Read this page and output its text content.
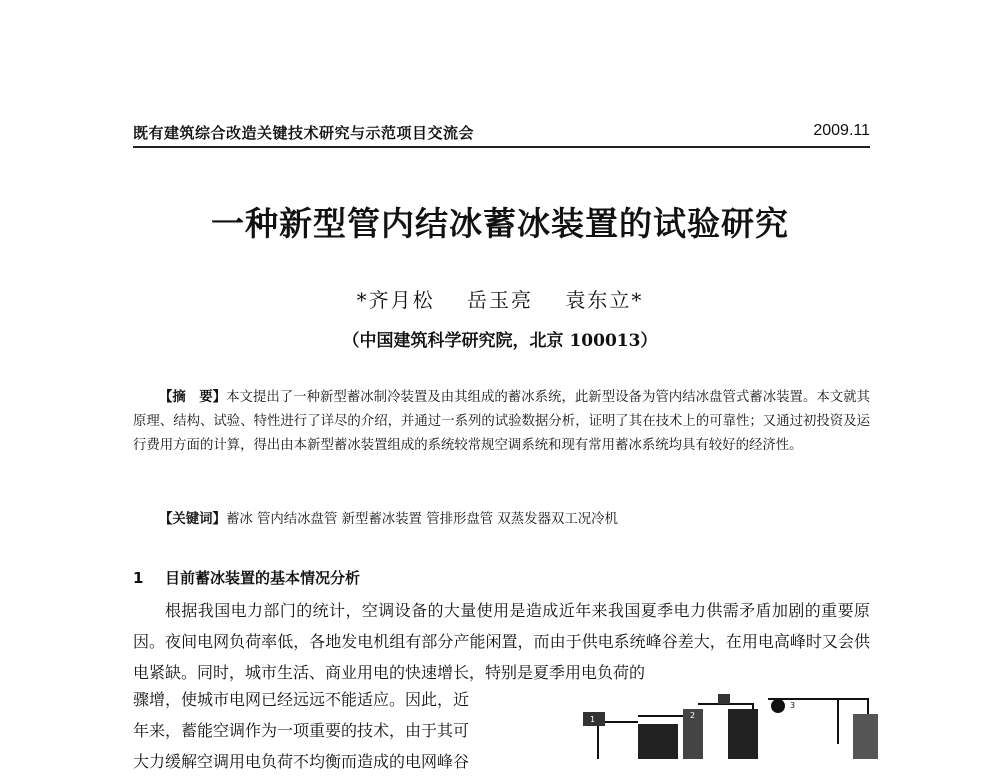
既有建筑综合改造关键技术研究与示范项目交流会	2009.11
一种新型管内结冰蓄冰装置的试验研究
*齐月松 岳玉亮 袁东立*
（中国建筑科学研究院，北京 100013）
【摘　要】本文提出了一种新型蓄冰制冷装置及由其组成的蓄冰系统，此新型设备为管内结冰盘管式蓄冰装置。本文就其原理、结构、试验、特性进行了详尽的介绍，并通过一系列的试验数据分析，证明了其在技术上的可靠性；又通过初投资及运行费用方面的计算，得出由本新型蓄冰装置组成的系统较常规空调系统和现有常用蓄冰系统均具有较好的经济性。
【关键词】蓄冰 管内结冰盘管 新型蓄冰装置 管排形盘管 双蒸发器双工况冷机
1 目前蓄冰装置的基本情况分析

根据我国电力部门的统计，空调设备的大量使用是造成近年来我国夏季电力供需矛盾加剧的重要原因。夜间电网负荷率低，各地发电机组有部分产能闲置，而由于供电系统峰谷差大，在用电高峰时又会供电紧缺。同时，城市生活、商业用电的快速增长，特别是夏季用电负荷的

骤增，使城市电网已经远远不能适应。因此，近
年来，蓄能空调作为一项重要的技术，由于其可
大力缓解空调用电负荷不均衡而造成的电网峰谷
1	2
3
